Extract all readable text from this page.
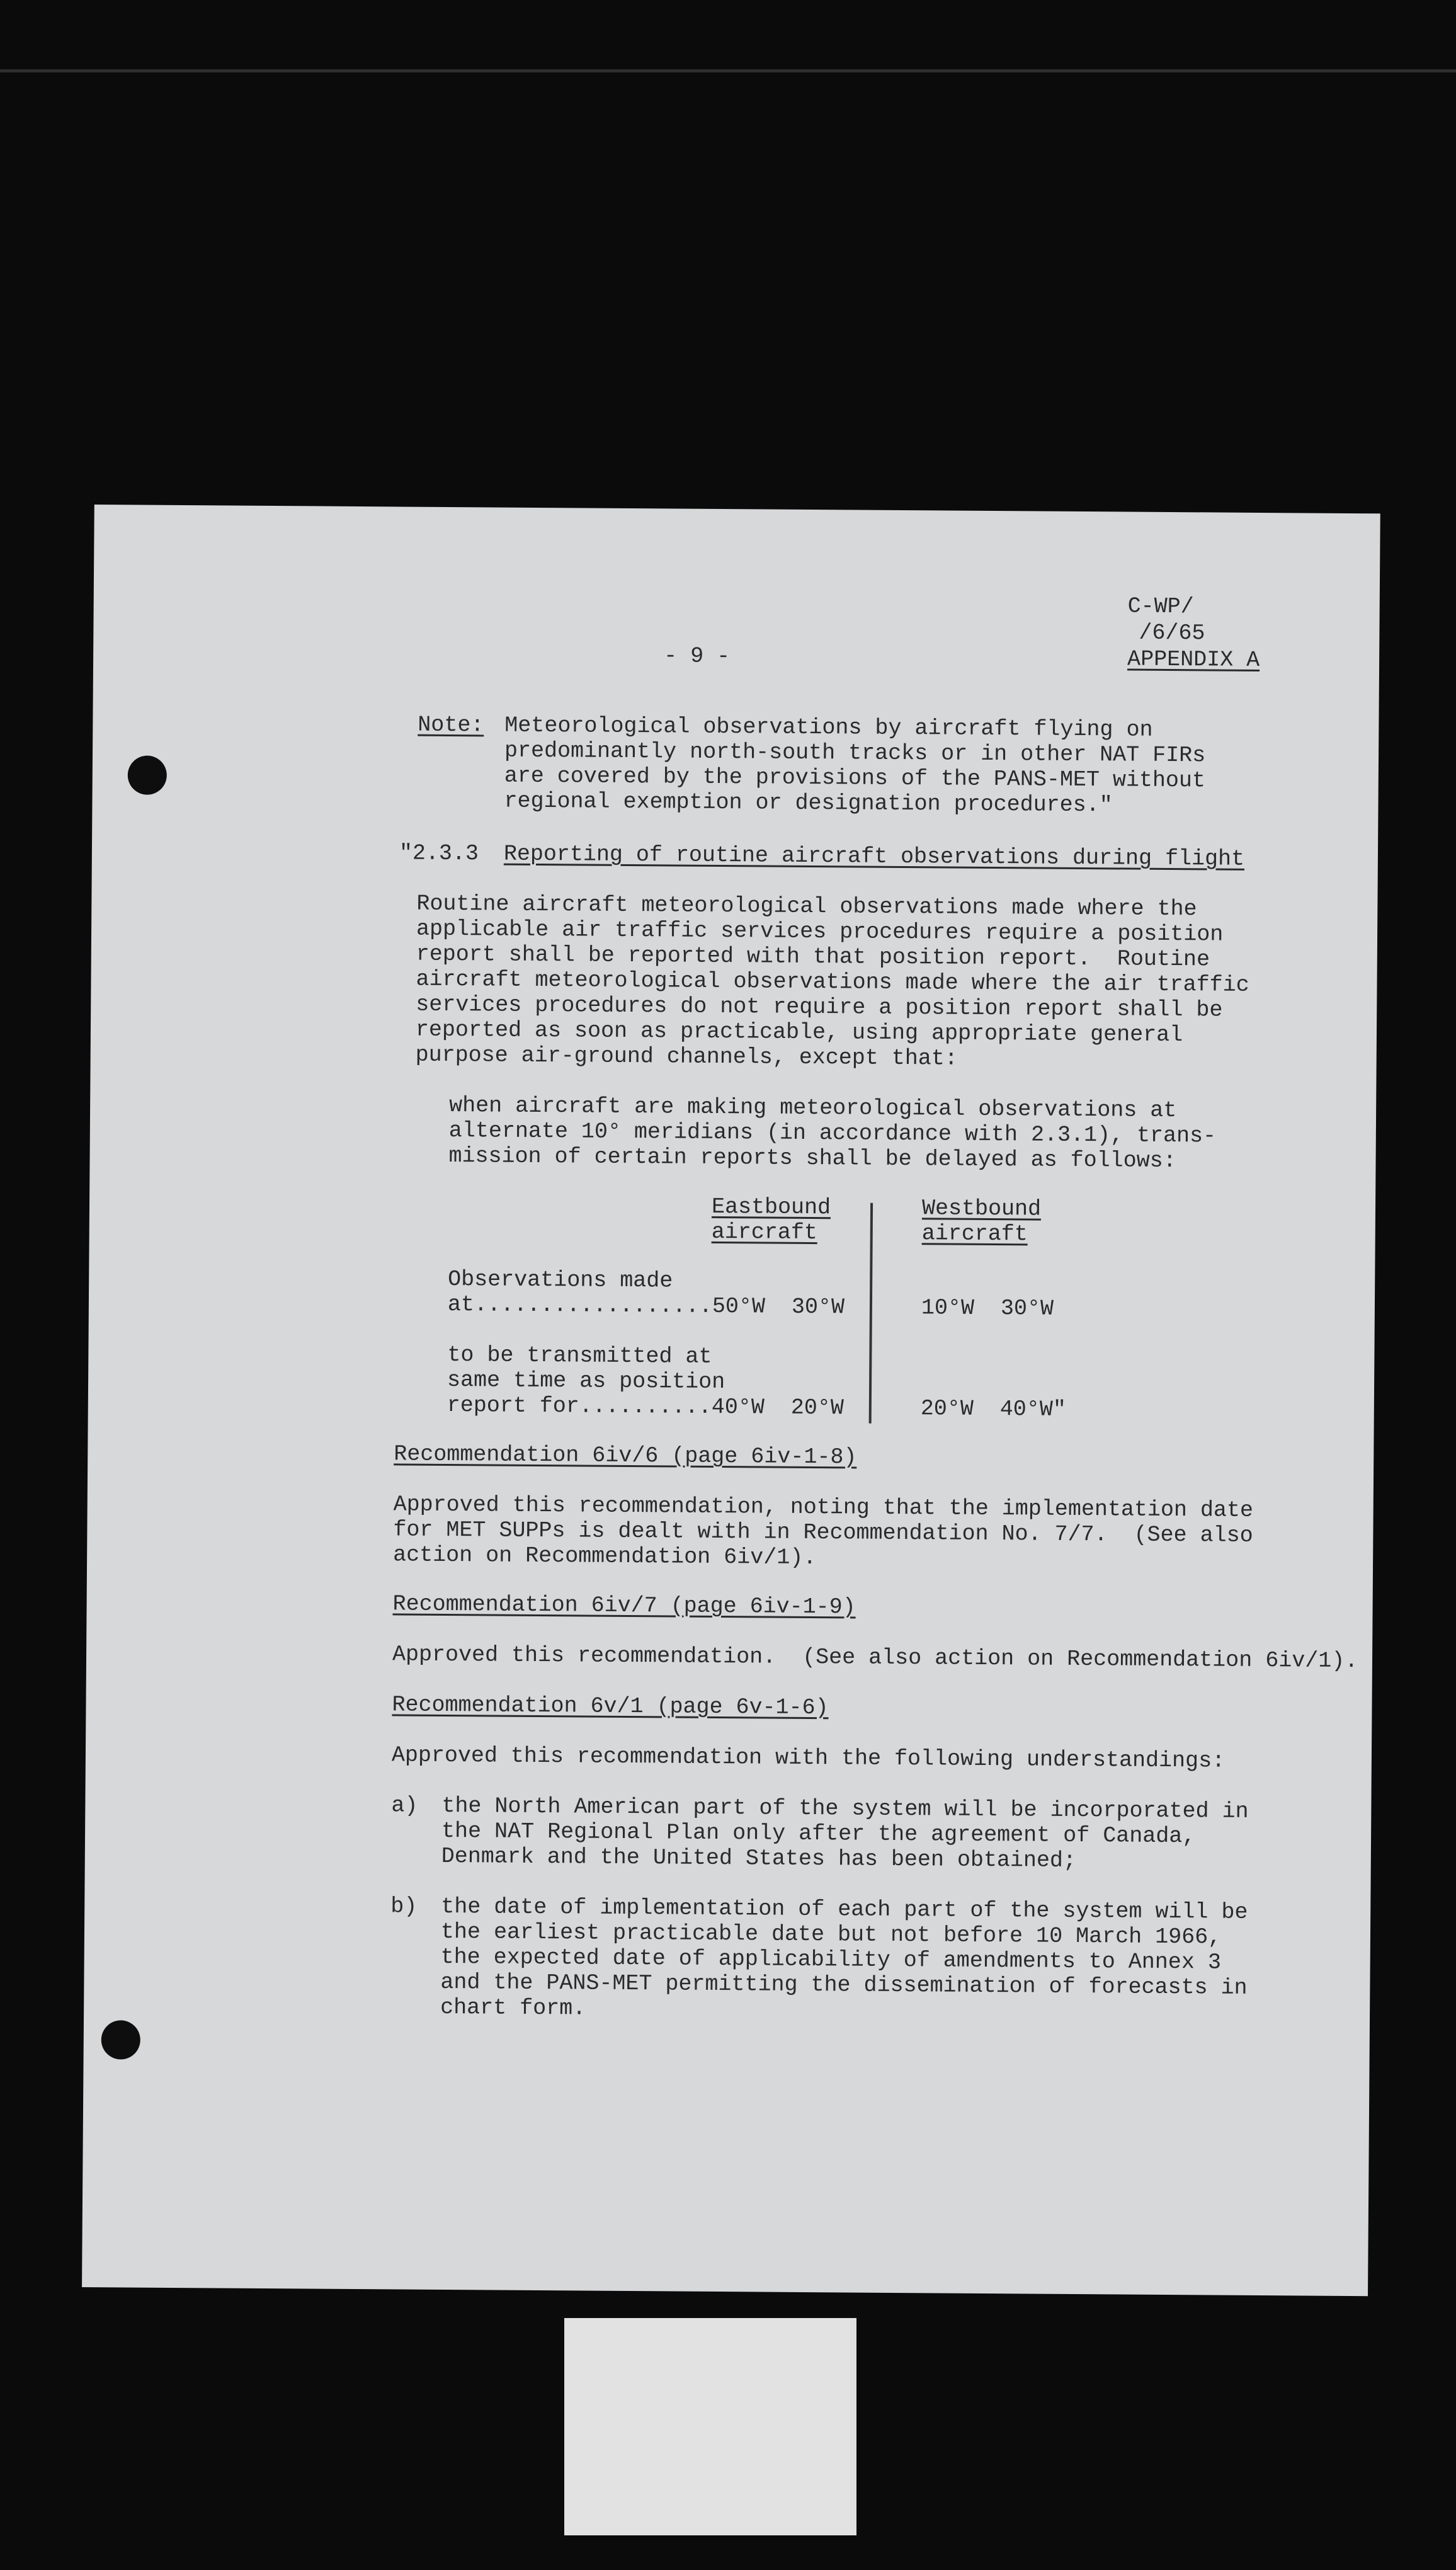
C-WP/
/6/65
APPENDIX A
- 9 -
Note: Meteorological observations by aircraft flying on
predominantly north-south tracks or in other NAT FIRs
are covered by the provisions of the PANS-MET without
regional exemption or designation procedures."
"2.3.3 Reporting of routine aircraft observations during flight
Routine aircraft meteorological observations made where the
applicable air traffic services procedures require a position
report shall be reported with that position report.  Routine
aircraft meteorological observations made where the air traffic
services procedures do not require a position report shall be
reported as soon as practicable, using appropriate general
purpose air-ground channels, except that:
when aircraft are making meteorological observations at
alternate 10° meridians (in accordance with 2.3.1), trans-
mission of certain reports shall be delayed as follows:
Eastbound
aircraft
Westbound
aircraft
Observations made
at.................. 50°W  30°W	10°W  30°W
to be transmitted at
same time as position
report for.......... 40°W  20°W	20°W  40°W"
Recommendation 6iv/6 (page 6iv-1-8)
Approved this recommendation, noting that the implementation date
for MET SUPPs is dealt with in Recommendation No. 7/7.  (See also
action on Recommendation 6iv/1).
Recommendation 6iv/7 (page 6iv-1-9)
Approved this recommendation.  (See also action on Recommendation 6iv/1).
Recommendation 6v/1 (page 6v-1-6)
Approved this recommendation with the following understandings:
a) the North American part of the system will be incorporated in
the NAT Regional Plan only after the agreement of Canada,
Denmark and the United States has been obtained;
b) the date of implementation of each part of the system will be
the earliest practicable date but not before 10 March 1966,
the expected date of applicability of amendments to Annex 3
and the PANS-MET permitting the dissemination of forecasts in
chart form.
